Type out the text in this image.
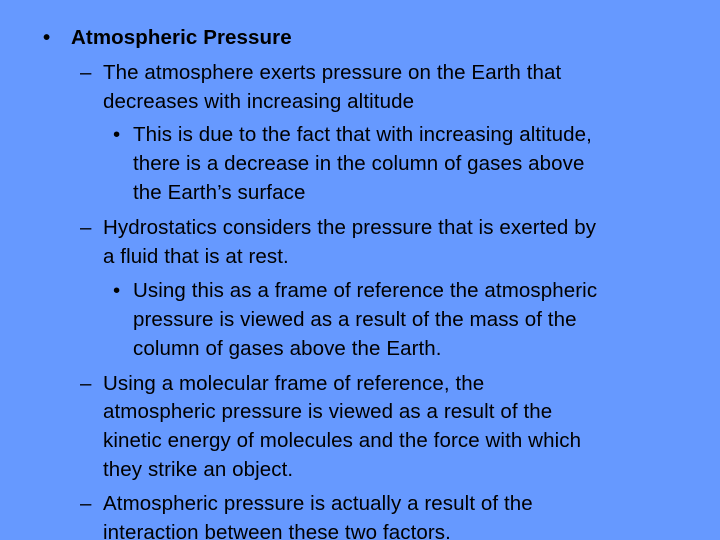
• Atmospheric Pressure
– The atmosphere exerts pressure on the Earth that
decreases with increasing altitude
• This is due to the fact that with increasing altitude,
there is a decrease in the column of gases above
the Earth’s surface
– Hydrostatics considers the pressure that is exerted by
a fluid that is at rest.
• Using this as a frame of reference the atmospheric
pressure is viewed as a result of the mass of the
column of gases above the Earth.
– Using a molecular frame of reference, the
atmospheric pressure is viewed as a result of the
kinetic energy of molecules and the force with which
they strike an object.
– Atmospheric pressure is actually a result of the
interaction between these two factors.
